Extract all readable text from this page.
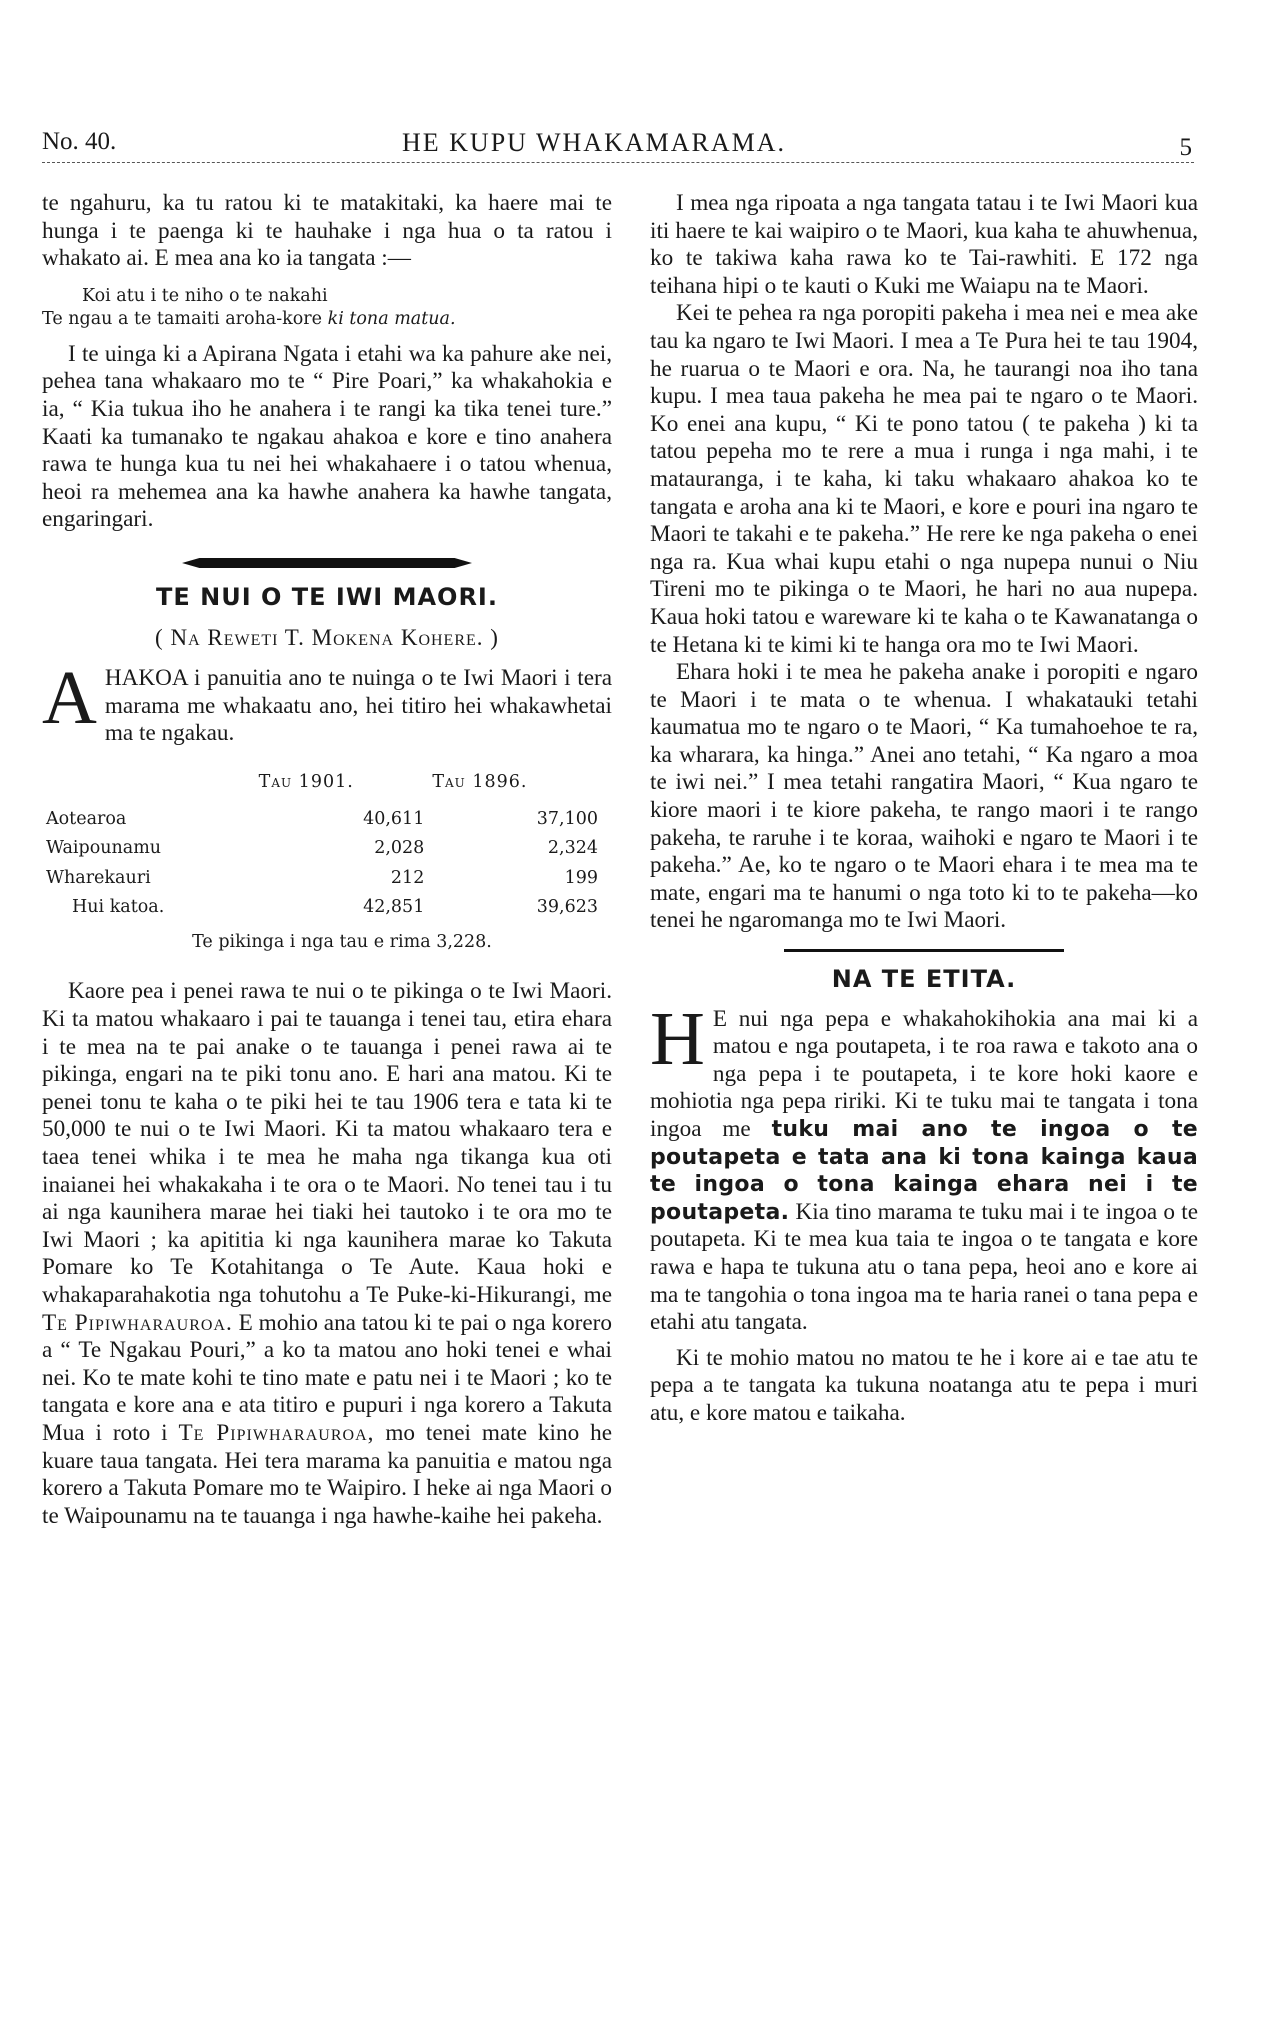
No. 40.	HE KUPU WHAKAMARAMA.	5

te ngahuru, ka tu ratou ki te matakitaki, ka haere mai te hunga i te paenga ki te hauhake i nga hua o ta ratou i whakato ai. E mea ana ko ia tangata :—

Koi atu i te niho o te nakahi
Te ngau a te tamaiti aroha-kore ki tona matua.

I te uinga ki a Apirana Ngata i etahi wa ka pahure ake nei, pehea tana whakaaro mo te “ Pire Poari,” ka whakahokia e ia, “ Kia tukua iho he anahera i te rangi ka tika tenei ture.” Kaati ka tumanako te ngakau ahakoa e kore e tino anahera rawa te hunga kua tu nei hei whakahaere i o tatou whenua, heoi ra mehemea ana ka hawhe anahera ka hawhe tangata, engaringari.

TE NUI O TE IWI MAORI.
( Na Reweti T. Mokena Kohere. )

AHAKOA i panuitia ano te nuinga o te Iwi Maori i tera marama me whakaatu ano, hei titiro hei whakawhetai ma te ngakau.

	Tau 1901.	Tau 1896.
Aotearoa	40,611	37,100
Waipounamu	2,028	2,324
Wharekauri	212	199
Hui katoa.	42,851	39,623
Te pikinga i nga tau e rima 3,228.

Kaore pea i penei rawa te nui o te pikinga o te Iwi Maori. Ki ta matou whakaaro i pai te tauanga i tenei tau, etira ehara i te mea na te pai anake o te tauanga i penei rawa ai te pikinga, engari na te piki tonu ano. E hari ana matou. Ki te penei tonu te kaha o te piki hei te tau 1906 tera e tata ki te 50,000 te nui o te Iwi Maori. Ki ta matou whakaaro tera e taea tenei whika i te mea he maha nga tikanga kua oti inaianei hei whakakaha i te ora o te Maori. No tenei tau i tu ai nga kaunihera marae hei tiaki hei tautoko i te ora mo te Iwi Maori ; ka apititia ki nga kaunihera marae ko Takuta Pomare ko Te Kotahitanga o Te Aute. Kaua hoki e whakaparahakotia nga tohutohu a Te Puke-ki-Hikurangi, me Te Pipiwharauroa. E mohio ana tatou ki te pai o nga korero a “ Te Ngakau Pouri,” a ko ta matou ano hoki tenei e whai nei. Ko te mate kohi te tino mate e patu nei i te Maori ; ko te tangata e kore ana e ata titiro e pupuri i nga korero a Takuta Mua i roto i Te Pipiwharauroa, mo tenei mate kino he kuare taua tangata. Hei tera marama ka panuitia e matou nga korero a Takuta Pomare mo te Waipiro. I heke ai nga Maori o te Waipounamu na te tauanga i nga hawhe-kaihe hei pakeha.

I mea nga ripoata a nga tangata tatau i te Iwi Maori kua iti haere te kai waipiro o te Maori, kua kaha te ahuwhenua, ko te takiwa kaha rawa ko te Tai-rawhiti. E 172 nga teihana hipi o te kauti o Kuki me Waiapu na te Maori.

Kei te pehea ra nga poropiti pakeha i mea nei e mea ake tau ka ngaro te Iwi Maori. I mea a Te Pura hei te tau 1904, he ruarua o te Maori e ora. Na, he taurangi noa iho tana kupu. I mea taua pakeha he mea pai te ngaro o te Maori. Ko enei ana kupu, “ Ki te pono tatou ( te pakeha ) ki ta tatou pepeha mo te rere a mua i runga i nga mahi, i te matauranga, i te kaha, ki taku whakaaro ahakoa ko te tangata e aroha ana ki te Maori, e kore e pouri ina ngaro te Maori te takahi e te pakeha.” He rere ke nga pakeha o enei nga ra. Kua whai kupu etahi o nga nupepa nunui o Niu Tireni mo te pikinga o te Maori, he hari no aua nupepa. Kaua hoki tatou e wareware ki te kaha o te Kawanatanga o te Hetana ki te kimi ki te hanga ora mo te Iwi Maori.

Ehara hoki i te mea he pakeha anake i poropiti e ngaro te Maori i te mata o te whenua. I whakatauki tetahi kaumatua mo te ngaro o te Maori, “ Ka tumahoehoe te ra, ka wharara, ka hinga.” Anei ano tetahi, “ Ka ngaro a moa te iwi nei.” I mea tetahi rangatira Maori, “ Kua ngaro te kiore maori i te kiore pakeha, te rango maori i te rango pakeha, te raruhe i te koraa, waihoki e ngaro te Maori i te pakeha.” Ae, ko te ngaro o te Maori ehara i te mea ma te mate, engari ma te hanumi o nga toto ki to te pakeha—ko tenei he ngaromanga mo te Iwi Maori.

NA TE ETITA.

H E nui nga pepa e whakahokihokia ana mai ki a matou e nga poutapeta, i te roa rawa e takoto ana o nga pepa i te poutapeta, i te kore hoki kaore e mohiotia nga pepa ririki. Ki te tuku mai te tangata i tona ingoa me tuku mai ano te ingoa o te poutapeta e tata ana ki tona kainga kaua te ingoa o tona kainga ehara nei i te poutapeta. Kia tino marama te tuku mai i te ingoa o te poutapeta. Ki te mea kua taia te ingoa o te tangata e kore rawa e hapa te tukuna atu o tana pepa, heoi ano e kore ai ma te tangohia o tona ingoa ma te haria ranei o tana pepa e etahi atu tangata.

Ki te mohio matou no matou te he i kore ai e tae atu te pepa a te tangata ka tukuna noatanga atu te pepa i muri atu, e kore matou e taikaha.
